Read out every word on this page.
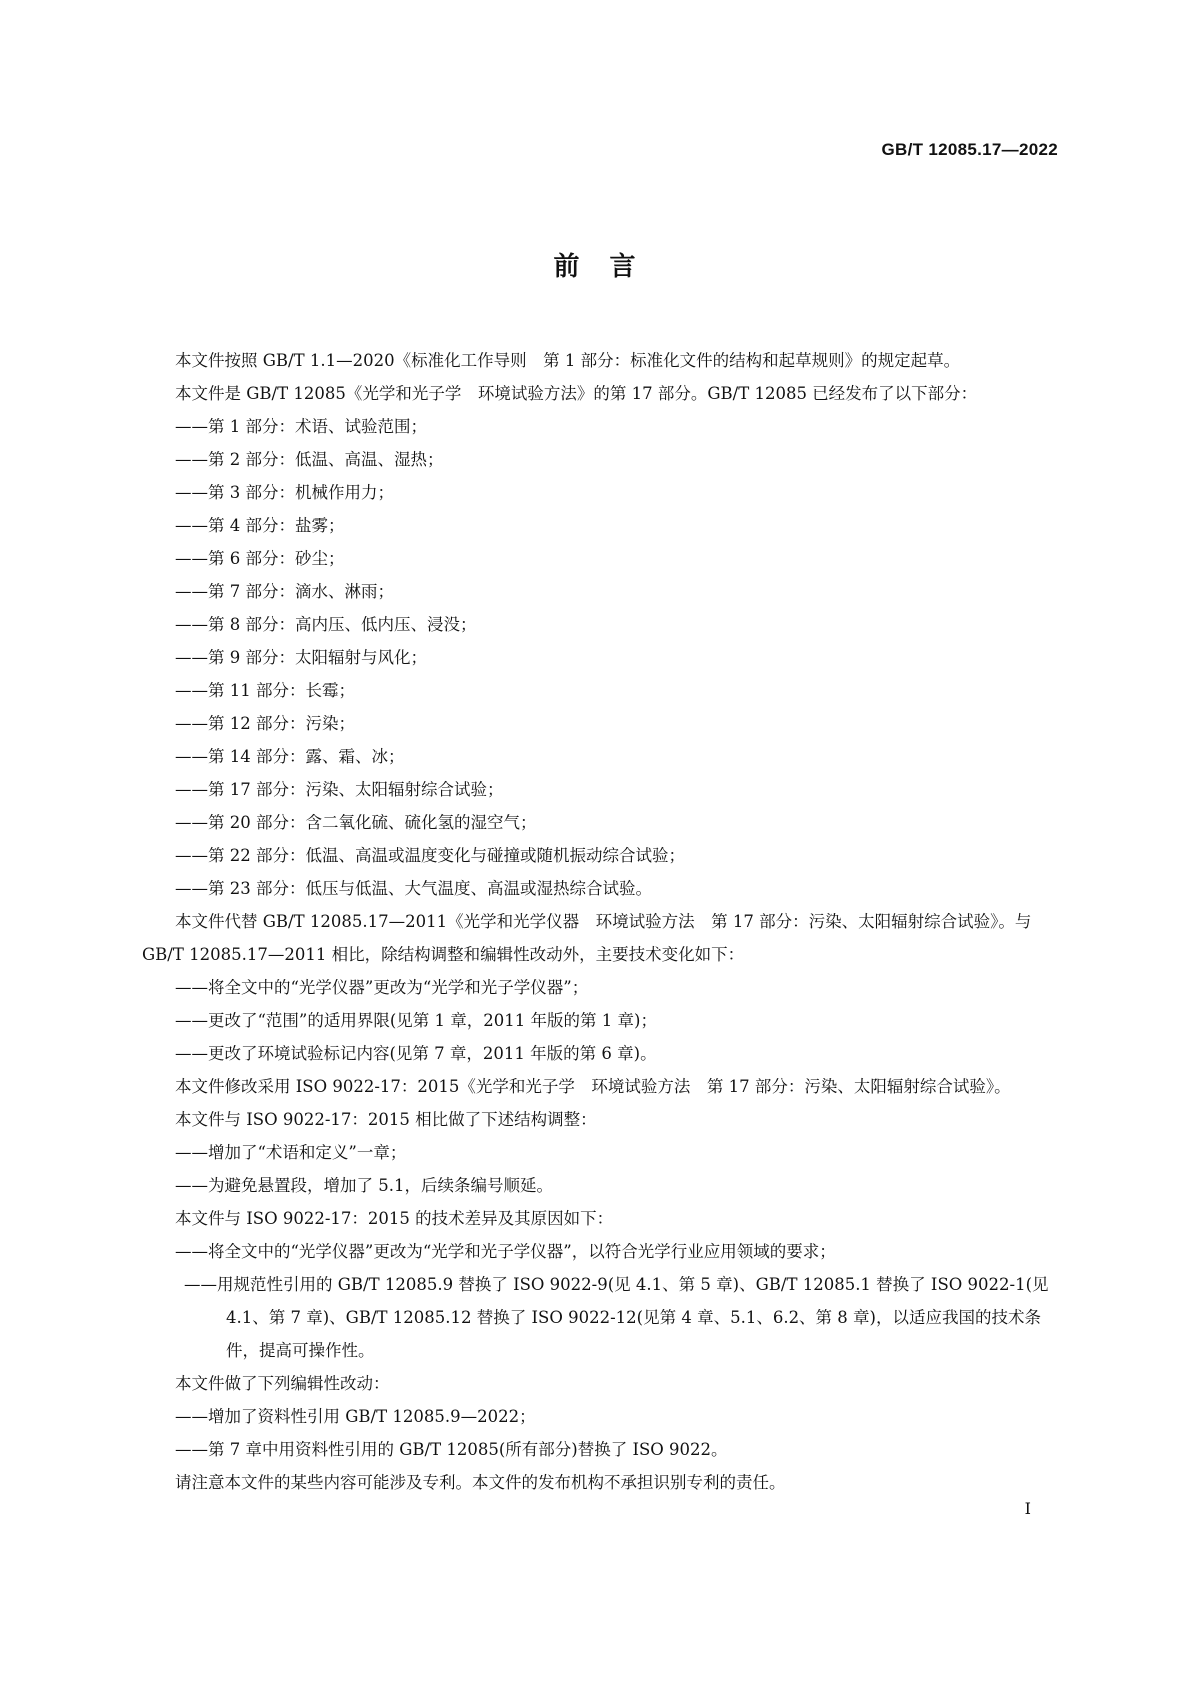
GB/T 12085.17—2022
前　言

本文件按照 GB/T 1.1—2020《标准化工作导则　第 1 部分：标准化文件的结构和起草规则》的规定起草。

本文件是 GB/T 12085《光学和光子学　环境试验方法》的第 17 部分。GB/T 12085 已经发布了以下部分：

——第 1 部分：术语、试验范围；

——第 2 部分：低温、高温、湿热；

——第 3 部分：机械作用力；

——第 4 部分：盐雾；

——第 6 部分：砂尘；

——第 7 部分：滴水、淋雨；

——第 8 部分：高内压、低内压、浸没；

——第 9 部分：太阳辐射与风化；

——第 11 部分：长霉；

——第 12 部分：污染；

——第 14 部分：露、霜、冰；

——第 17 部分：污染、太阳辐射综合试验；

——第 20 部分：含二氧化硫、硫化氢的湿空气；

——第 22 部分：低温、高温或温度变化与碰撞或随机振动综合试验；

——第 23 部分：低压与低温、大气温度、高温或湿热综合试验。

本文件代替 GB/T 12085.17—2011《光学和光学仪器　环境试验方法　第 17 部分：污染、太阳辐射综合试验》。与 GB/T 12085.17—2011 相比，除结构调整和编辑性改动外，主要技术变化如下：

——将全文中的“光学仪器”更改为“光学和光子学仪器”；

——更改了“范围”的适用界限(见第 1 章，2011 年版的第 1 章)；

——更改了环境试验标记内容(见第 7 章，2011 年版的第 6 章)。

本文件修改采用 ISO 9022-17：2015《光学和光子学　环境试验方法　第 17 部分：污染、太阳辐射综合试验》。

本文件与 ISO 9022-17：2015 相比做了下述结构调整：

——增加了“术语和定义”一章；

——为避免悬置段，增加了 5.1，后续条编号顺延。

本文件与 ISO 9022-17：2015 的技术差异及其原因如下：

——将全文中的“光学仪器”更改为“光学和光子学仪器”，以符合光学行业应用领域的要求；

——用规范性引用的 GB/T 12085.9 替换了 ISO 9022-9(见 4.1、第 5 章)、GB/T 12085.1 替换了 ISO 9022-1(见 4.1、第 7 章)、GB/T 12085.12 替换了 ISO 9022-12(见第 4 章、5.1、6.2、第 8 章)，以适应我国的技术条件，提高可操作性。

本文件做了下列编辑性改动：

——增加了资料性引用 GB/T 12085.9—2022；

——第 7 章中用资料性引用的 GB/T 12085(所有部分)替换了 ISO 9022。

请注意本文件的某些内容可能涉及专利。本文件的发布机构不承担识别专利的责任。

I
